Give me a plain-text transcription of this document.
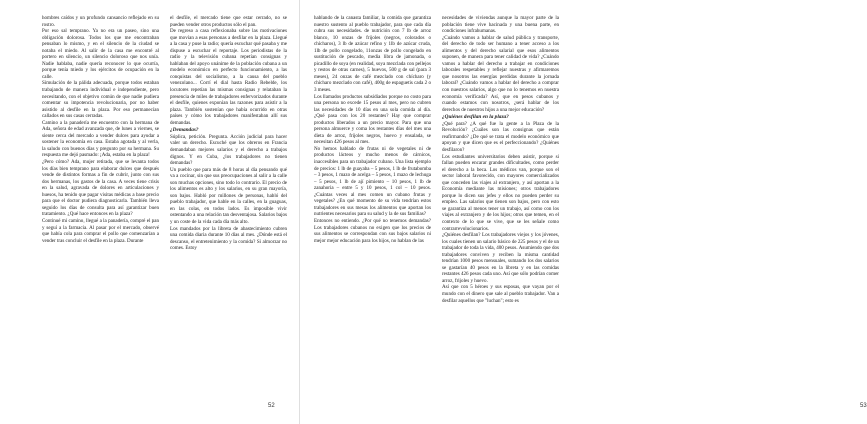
hombres caídos y un profundo cansancio reflejado en su rostro.

Por eso sal temprano. Ya no era un paseo, sino una obligación dolorosa. Todos los que me encontraban pensaban lo mismo, y en el silencio de la ciudad se notaba el miedo. Al salir de la casa me encontré al portero en silencio, un silencio doloroso que nos unía. Nadie hablaba, nadie quería reconocer lo que ocurría, porque tenía miedo y los ejércitos de ocupación en la calle.

Simulación de la pálida adecuada, porque todos estaban trabajando de manera individual e independiente, pero necesitando, con el objetivo común de que nadie pudiera comentar su impotencia revolucionaria, por no haber asistido al desfile en la plaza. Por eso permanecían callados en sus casas cerradas.

Camino a la panadería me encuentro con la hermana de Ada, señora de edad avanzada que, de lunes a viernes, se siente cerca del mercado a vender dulces para ayudar a sostener la economía en casa. Estaba agotada y al verla, la saludo con buenos días y pregunto por su hermana. Su respuesta me dejó pasmado: ¡Ada, estaba en la plaza!

¿Pero cómo? Ada, mujer retirada, que se levanta todos los días bien temprano para elaborar dulces que después vende de distintos formas a fin de cubrir, junto con sus dos hermanas, los gastos de la casa. A veces tiene crisis en la salud, agravada de dolores en articulaciones y huesos, ha tenido que pagar visitas médicas a base precio para que el doctor pudiera diagnosticarla. También lleva seguido los días de consulta para así garantizar buen tratamiento. ¿Qué hace entonces en la plaza?

Continué mi camino, llegué a la panadería, compré el pan y seguí a la farmacia. Al pasar por el mercado, observé que había cola para comprar el pollo que comenzarían a vender tras concluir el desfile en la plaza. Durante

el desfile, el mercado tiene que estar cerrado, no se pueden vender otros productos sólo el pan.

De regreso a casa reflexionaba sobre las motivaciones que movían a esas personas a desfilar en la plaza. Llegué a la casa y puse la radio; quería escuchar qué pasaba y me dispuse a escuchar el reportaje. Los periodistas de la radio y la televisión cubana repetían consignas y hablaban del apoyo unánime de la población cubana a un modelo económico en perfecto funcionamiento, a las conquistas del socialismo, a la causa del pueblo venezolano... Corrí el dial hasta Radio Rebelde, los locutores repetían las mismas consignas y relataban la presencia de miles de trabajadores enfervorizados durante el desfile, quienes exponían las razones para asistir a la plaza. También sostenían que había ocurrido en otras países y cómo los trabajadores manifestaban allí sus demandas.

¿Demandas?

Súplica, petición. Pregunta. Acción judicial para hacer valer un derecho. Escuché que los obreros en Francia demandaban mejores salarios y el derecho a trabajos dignos. Y en Cuba, ¿los trabajadores no tienen demandas?

Un pueblo que para más de 8 horas al día pensando qué va a cocinar, sin que sus preocupaciones al salir a la calle son muchas opciones, sino todo lo contrario. El precio de los alimentos es alto y los salarios, en su gran mayoría, son bajos. Habló por millones de personas, habló del pueblo trabajador, que hable en la calles, en la guaguas, en las colas, en todos lados. Es imposible vivir ostentando a una relación tan desventajosa. Salarios bajos y un coste de la vida cada día más alto.

Los mandados por la libreta de abastecimiento cubren una comida diaria durante 10 días al mes. ¿Dónde está el descanso, el entretenimiento y la comida? Si almorzar no comes. Estoy

52	53

hablando de la canasta familiar, la comida que garantiza nuestro sustento al pueblo trabajador, para que cada día cubra sus necesidades. de nutrición con 7 lb de arroz blanco, 10 onzas de frijoles (negros, colorados o chícharos), 3 lb de azúcar refino y 1lb de azúcar cruda, 1lb de pollo congelado, 11onzas de pollo congelado en sustitución de pescado, media libra de jamonada, o picadillo de soya (en realidad, soya mezclada con pellejos y restos de otras carnes), 5 huevos, 500 g de sal (para 3 meses), 24 onzas de café mezclado con chícharo (y chícharo mezclado con café), 400g de espaguetis cada 2 o 3 meses.

Los llamados productos subsidiados porque no costo para una persona no excede 15 pesos al mes, pero no cubren las necesidades de 10 días en una sola comida al día. ¿Qué pasa con los 20 restantes? Hay que comprar productos liberados a un precio mayor. Para que una persona almuerce y coma los restantes días del mes una dieta de arroz, frijoles negros, huevo y ensalada, se necesitan 426 pesos al mes.

No hemos hablado de frutas ni de vegetales ni de productos lácteos y mucho menos de cárnicos, inaccesibles para un trabajador cubano. Una lista ejemplo de precios: 1 lb de guayaba – 5 pesos, 1 lb de frutabomba – 3 pesos, 1 mazo de acelga – 5 pesos, 1 mazo de lechuga – 5 pesos, 1 lb de ají pimiento – 10 pesos, 1 lb de zanahoria – entre 5 y 10 pesos, 1 col – 10 pesos. ¿Cuántas veces al mes comen un cubano frutas y vegetales? ¿En qué momento de su vida tendrían estos trabajadores en sus mesas los alimentos que aportan los nutrientes necesarios para su salud y la de sus familias?

Entonces no entiendo. ¿Por qué no tenemos demandas? Los trabajadores cubanos no exigen que los precios de sus alimentos se correspondan con sus bajos salarios ni mejor mejor educación para los hijos, no hablan de las

necesidades de viviendas aunque la mayor parte de la población tiene vive hacinada y una buena parte, en condiciones infrahumanas.

¿Cuándo vamos a hablar de salud pública y transporte, del derecho de todo ser humano a tener acceso a los alimentos y del derecho salarial que esos alimentos suponen, de manera para tener calidad de vida? ¿Cuándo vamos a hablar del derecho a trabajar en condiciones laborales respetables y reflejar nuestras y afirmaremos que nosotros las energías perdidas durante la jornada laboral? ¿Cuándo vamos a hablar del derecho a comprar con nuestros salarios, algo que no lo tenemos en nuestra economía verificada? Así, que en pesos cubanos y cuando estamos con nosotros, ¿será hablar de los derechos de nuestros hijos a una mejor educación?

¿Quiénes desfilan en la plaza?

¿Qué para? ¿A qué fue la gente a la Plaza de la Revolución? ¿Cuáles son las consignas que están reafirmando? ¿De qué se trata el modelo económico que apoyan y que dicen que es el perfeccionando? ¿Quiénes desfilaron?

Los estudiantes universitarios deben asistir, porque si fallan pueden encarar grandes dificultades, como perder el derecho a la beca. Los médicos van, porque son el sector laboral favorecido, con mayores comercializados que conceden las viajes al extranjero, y así aportan a la Economía mediante las misiones; otros trabajadores porque lo dicen sus jefes y ellos no pueden perder su empleo. Las salarios que tienen son bajos, pero con esto se garantiza al menos tener un trabajo, así como con los viajes al extranjero y de los hijos; otros que temen, en el contexto de lo que se vive, que se les señale como contrarrevolucionarios.

¿Quiénes desfilan? Los trabajadores viejos y los jóvenes, los cuales tienen un salario básico de 225 pesos y el de un trabajador de toda la vida, 400 pesos. Asumiendo que dos trabajadores conviven y reciben la misma cantidad tendrían 1000 pesos mensuales, sumando los dos salarios se gastarían 40 pesos en la libreta y en las comidas restantes 426 pesos cada uno. Así que sólo podrían comer arroz, frijoles y huevo.

Así que con 5 héroes y sus esposas, que vayan por el mundo con el dinero que sale al pueblo trabajador. Van a desfilar aquellos que "luchan"; esto es
